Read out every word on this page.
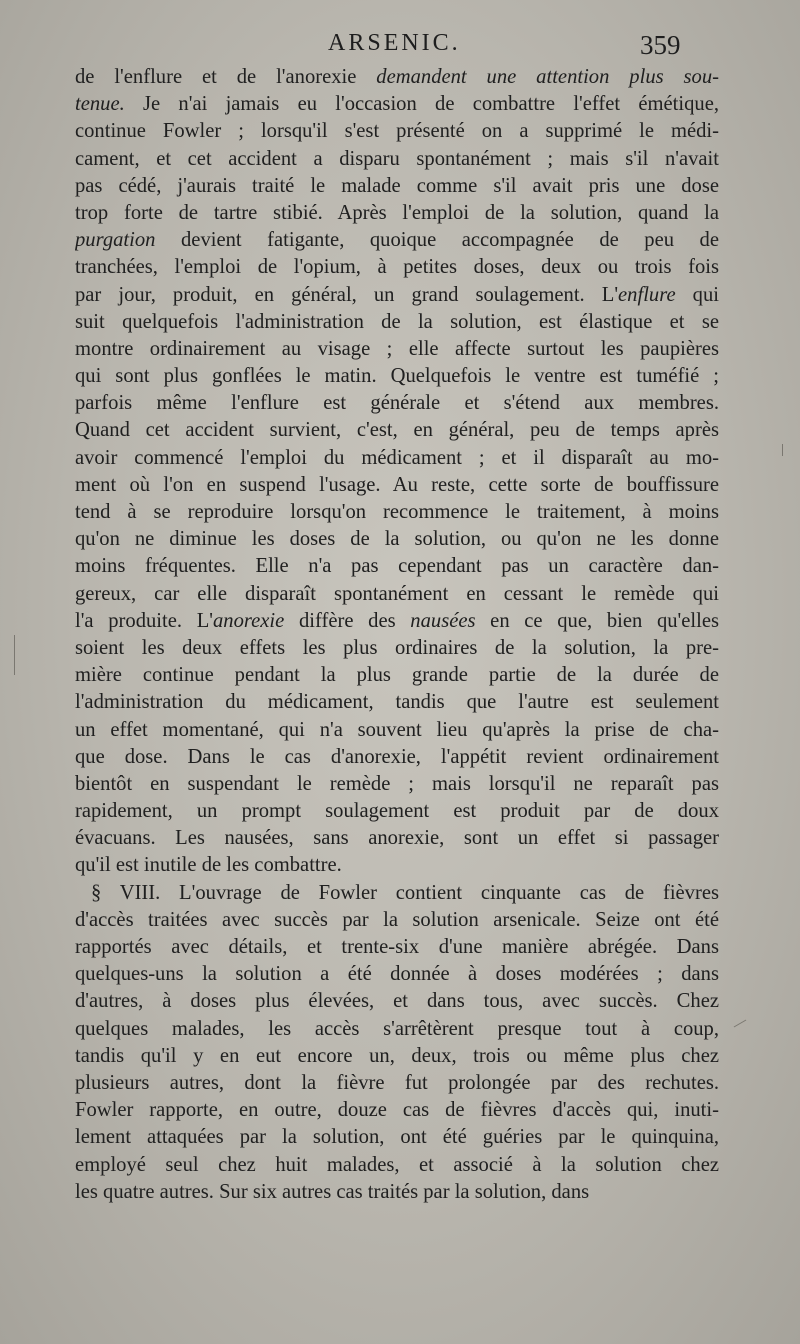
ARSENIC.	359
de l'enflure et de l'anorexie demandent une attention plus sou-
tenue. Je n'ai jamais eu l'occasion de combattre l'effet émétique,
continue Fowler ; lorsqu'il s'est présenté on a supprimé le médi-
cament, et cet accident a disparu spontanément ; mais s'il n'avait
pas cédé, j'aurais traité le malade comme s'il avait pris une dose
trop forte de tartre stibié. Après l'emploi de la solution, quand la
purgation devient fatigante, quoique accompagnée de peu de
tranchées, l'emploi de l'opium, à petites doses, deux ou trois fois
par jour, produit, en général, un grand soulagement. L'enflure qui
suit quelquefois l'administration de la solution, est élastique et se
montre ordinairement au visage ; elle affecte surtout les paupières
qui sont plus gonflées le matin. Quelquefois le ventre est tuméfié ;
parfois même l'enflure est générale et s'étend aux membres.
Quand cet accident survient, c'est, en général, peu de temps après
avoir commencé l'emploi du médicament ; et il disparaît au mo-
ment où l'on en suspend l'usage. Au reste, cette sorte de bouffissure
tend à se reproduire lorsqu'on recommence le traitement, à moins
qu'on ne diminue les doses de la solution, ou qu'on ne les donne
moins fréquentes. Elle n'a pas cependant pas un caractère dan-
gereux, car elle disparaît spontanément en cessant le remède qui
l'a produite. L'anorexie diffère des nausées en ce que, bien qu'elles
soient les deux effets les plus ordinaires de la solution, la pre-
mière continue pendant la plus grande partie de la durée de
l'administration du médicament, tandis que l'autre est seulement
un effet momentané, qui n'a souvent lieu qu'après la prise de cha-
que dose. Dans le cas d'anorexie, l'appétit revient ordinairement
bientôt en suspendant le remède ; mais lorsqu'il ne reparaît pas
rapidement, un prompt soulagement est produit par de doux
évacuans. Les nausées, sans anorexie, sont un effet si passager
qu'il est inutile de les combattre.
§ VIII. L'ouvrage de Fowler contient cinquante cas de fièvres
d'accès traitées avec succès par la solution arsenicale. Seize ont été
rapportés avec détails, et trente-six d'une manière abrégée. Dans
quelques-uns la solution a été donnée à doses modérées ; dans
d'autres, à doses plus élevées, et dans tous, avec succès. Chez
quelques malades, les accès s'arrêtèrent presque tout à coup,
tandis qu'il y en eut encore un, deux, trois ou même plus chez
plusieurs autres, dont la fièvre fut prolongée par des rechutes.
Fowler rapporte, en outre, douze cas de fièvres d'accès qui, inuti-
lement attaquées par la solution, ont été guéries par le quinquina,
employé seul chez huit malades, et associé à la solution chez
les quatre autres. Sur six autres cas traités par la solution, dans
